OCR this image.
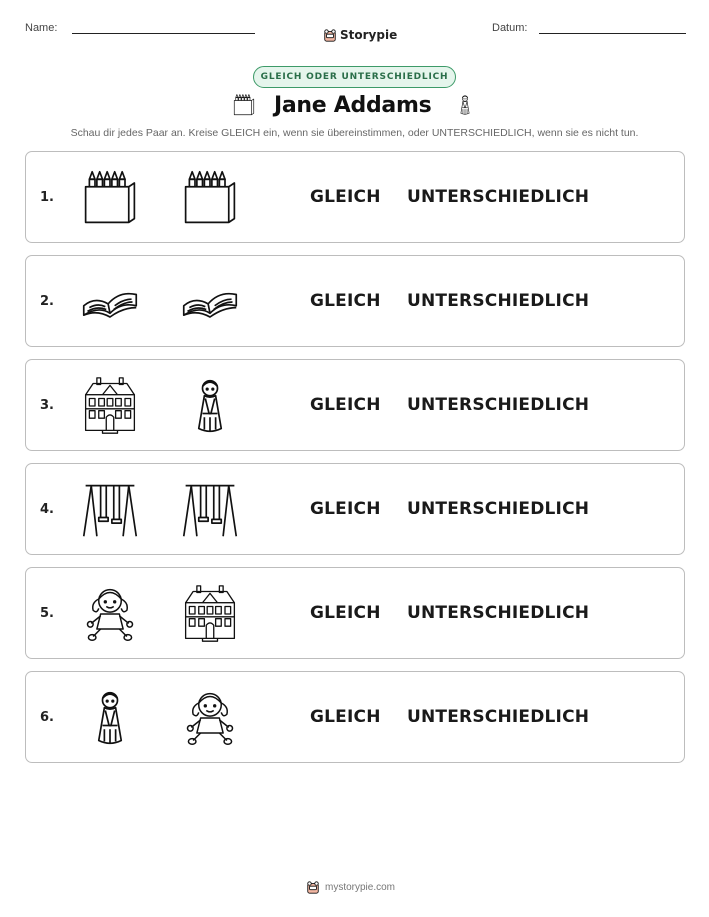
Name:	Storypie	Datum:
GLEICH ODER UNTERSCHIEDLICH
Jane Addams
Schau dir jedes Paar an. Kreise GLEICH ein, wenn sie übereinstimmen, oder UNTERSCHIEDLICH, wenn sie es nicht tun.
1.	GLEICH UNTERSCHIEDLICH
2.	GLEICH UNTERSCHIEDLICH
3.	GLEICH UNTERSCHIEDLICH
4.	GLEICH UNTERSCHIEDLICH
5.	GLEICH UNTERSCHIEDLICH
6.	GLEICH UNTERSCHIEDLICH
mystorypie.com
